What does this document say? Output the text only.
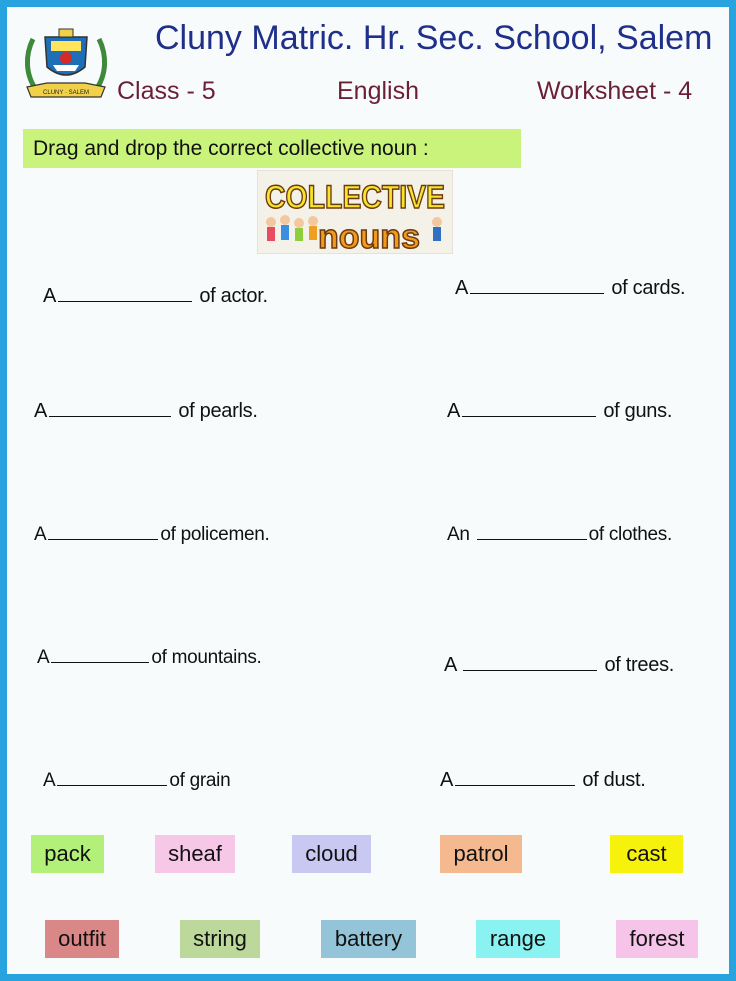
CLUNY · SALEM
Cluny Matric. Hr. Sec. School, Salem
Class - 5	English	Worksheet - 4
Drag and drop the correct collective noun :
COLLECTIVE
nouns
A	of actor.	A	of cards.
A	of pearls.	A	of guns.
A	of policemen.	An	of clothes.
A	of mountains.	A	of trees.
A	of grain	A	of dust.
pack	sheaf	cloud	patrol	cast
outfit	string	battery	range	forest
